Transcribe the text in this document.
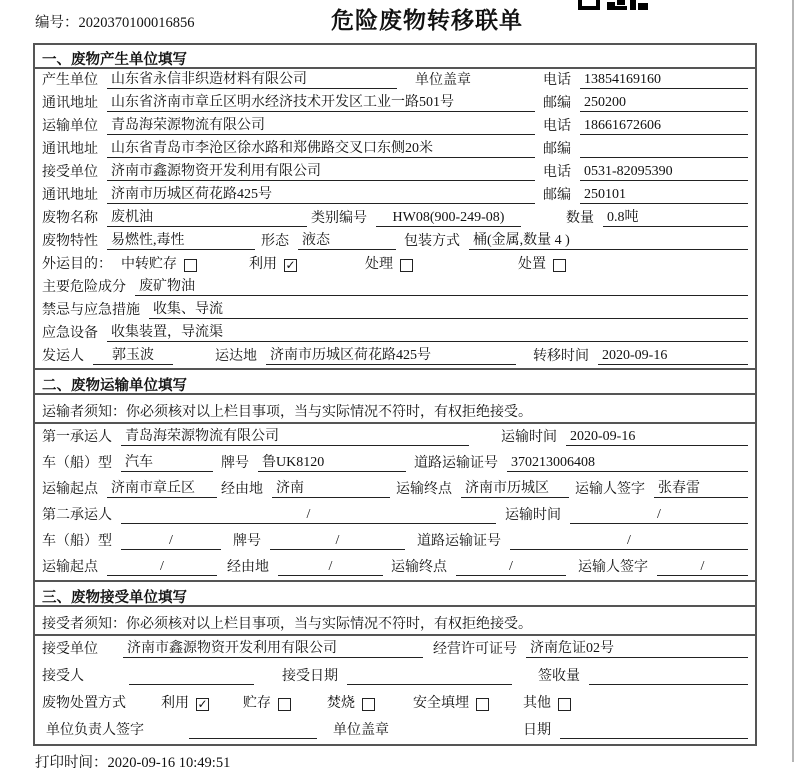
编号：2020370100016856	危险废物转移联单
一、废物产生单位填写
产生单位 山东省永信非织造材料有限公司	单位盖章	电话 13854169160
通讯地址 山东省济南市章丘区明水经济技术开发区工业一路501号	邮编 250200
运输单位 青岛海荣源物流有限公司	电话 18661672606
通讯地址 山东省青岛市李沧区徐水路和郑佛路交叉口东侧20米	邮编
接受单位 济南市鑫源物资开发利用有限公司	电话 0531-82095390
通讯地址 济南市历城区荷花路425号	邮编 250101
废物名称 废机油	类别编号	HW08(900-249-08)	数量 0.8吨
废物特性 易燃性,毒性	形态 液态	包装方式 桶(金属,数量 4 )
外运目的： 中转贮存	利用 ✓	处理	处置
主要危险成分 废矿物油
禁忌与应急措施 收集、导流
应急设备 收集装置，导流渠
发运人	郭玉波	运达地 济南市历城区荷花路425号	转移时间 2020-09-16
二、废物运输单位填写
运输者须知：你必须核对以上栏目事项，当与实际情况不符时，有权拒绝接受。
第一承运人 青岛海荣源物流有限公司	运输时间 2020-09-16
车（船）型 汽车	牌号 鲁UK8120	道路运输证号 370213006408
运输起点 济南市章丘区	经由地 济南	运输终点 济南市历城区	运输人签字 张春雷
第二承运人	/	运输时间	/
车（船）型	/	牌号	/	道路运输证号	/
运输起点	/	经由地	/	运输终点	/	运输人签字	/
三、废物接受单位填写
接受者须知：你必须核对以上栏目事项，当与实际情况不符时，有权拒绝接受。
接受单位 济南市鑫源物资开发利用有限公司	经营许可证号 济南危证02号
接受人	接受日期	签收量
废物处置方式	利用 ✓	贮存	焚烧	安全填埋	其他
单位负责人签字	单位盖章	日期
打印时间：2020-09-16 10:49:51
